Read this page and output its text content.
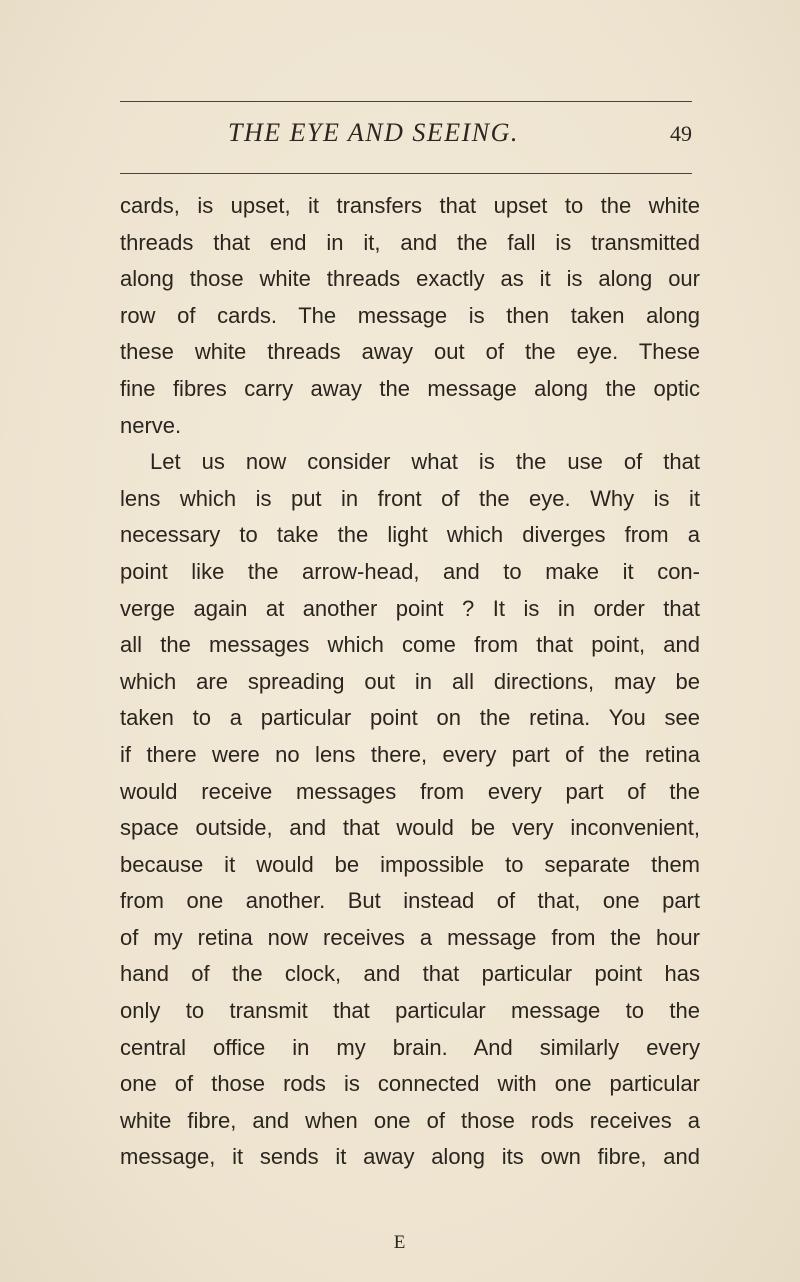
THE EYE AND SEEING.	49
cards, is upset, it transfers that upset to the white
threads that end in it, and the fall is transmitted
along those white threads exactly as it is along our
row of cards. The message is then taken along
these white threads away out of the eye. These
fine fibres carry away the message along the optic
nerve.
Let us now consider what is the use of that
lens which is put in front of the eye. Why is it
necessary to take the light which diverges from a
point like the arrow-head, and to make it con-
verge again at another point ? It is in order that
all the messages which come from that point, and
which are spreading out in all directions, may be
taken to a particular point on the retina. You see
if there were no lens there, every part of the retina
would receive messages from every part of the
space outside, and that would be very inconvenient,
because it would be impossible to separate them
from one another. But instead of that, one part
of my retina now receives a message from the hour
hand of the clock, and that particular point has
only to transmit that particular message to the
central office in my brain. And similarly every
one of those rods is connected with one particular
white fibre, and when one of those rods receives a
message, it sends it away along its own fibre, and
E
